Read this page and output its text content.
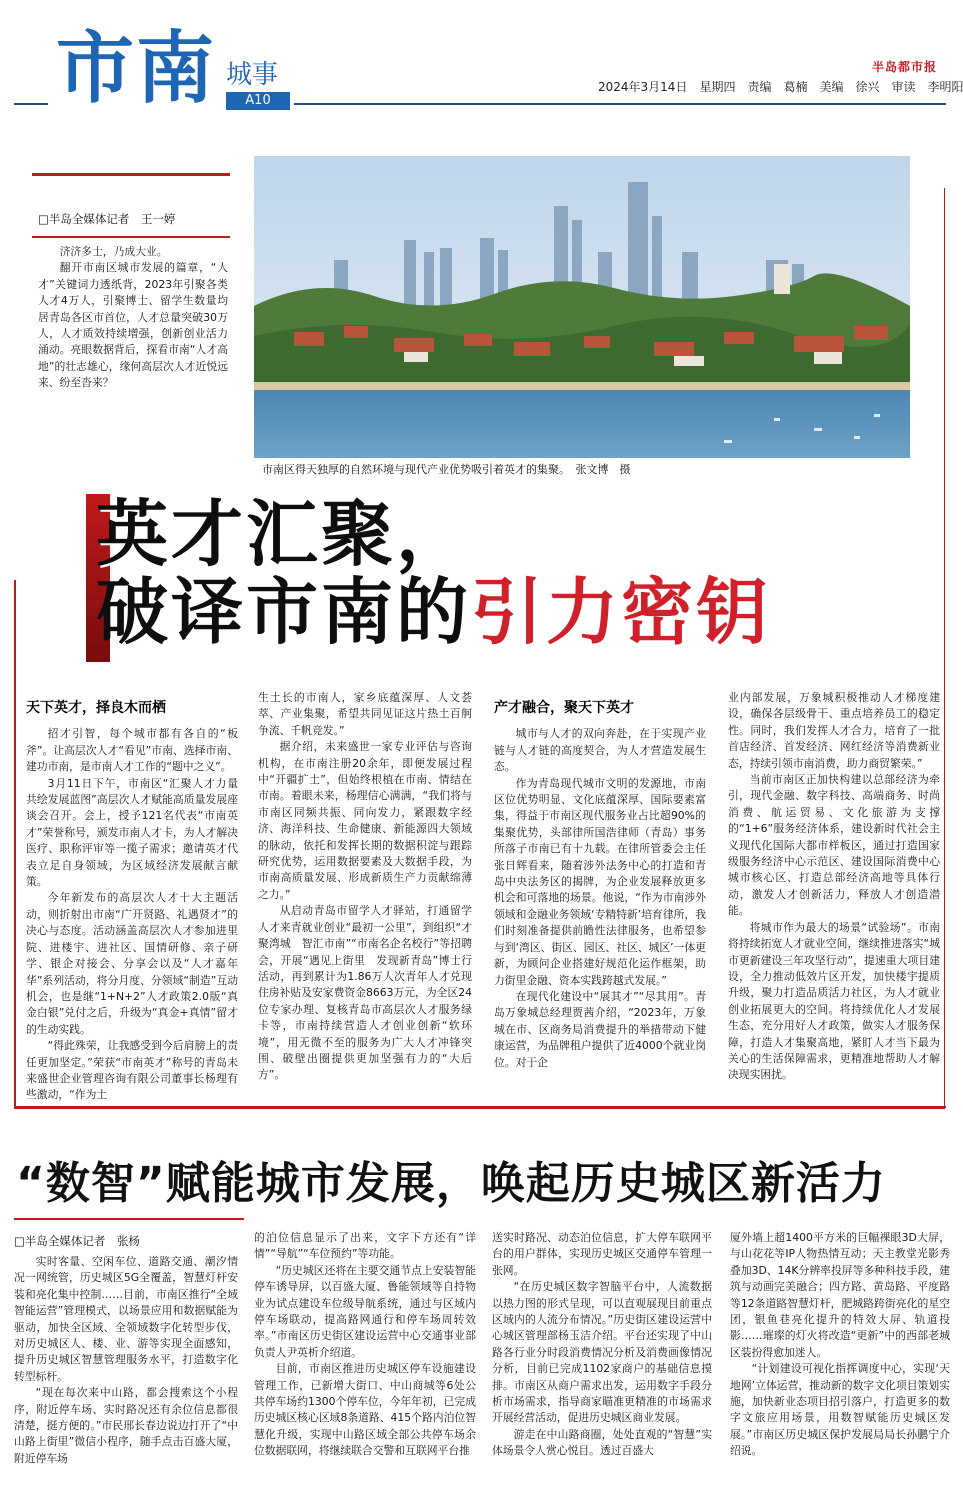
市南 城事
A10
2024年3月14日　星期四　责编　葛楠　美编　徐兴　审读　李明阳
半岛都市报
□半岛全媒体记者　王一婷

济济多士，乃成大业。

翻开市南区城市发展的篇章，“人才”关键词力透纸背，2023年引聚各类人才4万人，引聚博士、留学生数量均居青岛各区市首位，人才总量突破30万人，人才质效持续增强，创新创业活力涌动。亮眼数据背后，探看市南“人才高地”的壮志雄心，缘何高层次人才近悦远来、纷至沓来？

市南区得天独厚的自然环境与现代产业优势吸引着英才的集聚。　张文博　摄
英才汇聚，
破译市南的引力密钥

天下英才，择良木而栖

招才引智，每个城市都有各自的“板斧”。让高层次人才“看见”市南、选择市南、建功市南，是市南人才工作的“题中之义”。

3月11日下午，市南区“汇聚人才力量　共绘发展蓝图”高层次人才赋能高质量发展座谈会召开。会上，授予121名代表“市南英才”荣誉称号，颁发市南人才卡，为人才解决医疗、职称评审等一揽子需求；邀请英才代表立足自身领域，为区域经济发展献言献策。

今年新发布的高层次人才十大主题活动，则折射出市南“广开贤路、礼遇贤才”的决心与态度。活动涵盖高层次人才参加进里院、进楼宇、进社区、国情研修、亲子研学、银企对接会、分享会以及“人才嘉年华”系列活动，将分月度、分领域“制造”互动机会，也是继“1+N+2”人才政策2.0版“真金白银”兑付之后，升级为“真金+真情”留才的生动实践。

“得此殊荣，让我感受到今后肩膀上的责任更加坚定。”荣获“市南英才”称号的青岛未来盛世企业管理咨询有限公司董事长杨理有些激动，“作为土

生土长的市南人，家乡底蕴深厚、人文荟萃、产业集聚，希望共同见证这片热土百舸争流、千帆竞发。”

据介绍，未来盛世一家专业评估与咨询机构，在市南注册20余年，即便发展过程中“开疆扩土”，但始终根植在市南、情结在市南。着眼未来，杨理信心满满，“我们将与市南区同频共振、同向发力，紧跟数字经济、海洋科技、生命健康、新能源四大领域的脉动，依托和发挥长期的数据积淀与跟踪研究优势，运用数据要素及大数据手段，为市南高质量发展、形成新质生产力贡献绵薄之力。”

从启动青岛市留学人才驿站，打通留学人才来青就业创业“最初一公里”，到组织“才聚湾城　智汇市南”“市南名企名校行”等招聘会，开展“遇见上街里　发现新青岛”博士行活动，再到累计为1.86万人次青年人才兑现住房补贴及安家费资金8663万元，为全区24位专家办理、复核青岛市高层次人才服务绿卡等，市南持续营造人才创业创新“软环境”，用无微不至的服务为广大人才冲锋突围、破壁出圈提供更加坚强有力的“大后方”。

产才融合，聚天下英才

城市与人才的双向奔赴，在于实现产业链与人才链的高度契合，为人才营造发展生态。

作为青岛现代城市文明的发源地，市南区位优势明显、文化底蕴深厚、国际要素富集，得益于市南区现代服务业占比超90%的集聚优势，头部律所国浩律师（青岛）事务所落子市南已有十九载。在律所管委会主任张日辉看来，随着涉外法务中心的打造和青岛中央法务区的揭牌，为企业发展释放更多机会和可落地的场景。他说，“作为市南涉外领域和金融业务领域‘专精特新’培育律所，我们时刻准备提供前瞻性法律服务，也希望参与到‘湾区、街区、园区、社区、城区’一体更新，为顾问企业搭建好规范化运作框架，助力街里金融、资本实践跨越式发展。”

在现代化建设中“展其才”“尽其用”。青岛万象城总经理贾茜介绍，“2023年，万象城在市、区商务局消费提升的举措带动下健康运营，为品牌租户提供了近4000个就业岗位。对于企

业内部发展，万象城积极推动人才梯度建设，确保各层级骨干、重点培养员工的稳定性。同时，我们发挥人才合力，培育了一批首店经济、首发经济、网红经济等消费新业态，持续引领市南消费，助力商贸繁荣。”

当前市南区正加快构建以总部经济为牵引，现代金融、数字科技、高端商务、时尚消费、航运贸易、文化旅游为支撑的“1+6”服务经济体系，建设新时代社会主义现代化国际大都市样板区，通过打造国家级服务经济中心示范区、建设国际消费中心城市核心区、打造总部经济高地等具体行动，激发人才创新活力，释放人才创造潜能。

将城市作为最大的场景“试验场”。市南将持续拓宽人才就业空间，继续推进落实“城市更新建设三年攻坚行动”，提速重大项目建设，全力推动低效片区开发，加快楼宇提质升级，聚力打造品质活力社区，为人才就业创业拓展更大的空间。将持续优化人才发展生态，充分用好人才政策，做实人才服务保障，打造人才集聚高地，紧盯人才当下最为关心的生活保障需求，更精准地帮助人才解决现实困扰。

“数智”赋能城市发展，唤起历史城区新活力
□半岛全媒体记者　张杨

实时客量、空闲车位、道路交通、潮汐情况一网统管，历史城区5G全覆盖，智慧灯杆安装和亮化集中控制……目前，市南区推行“全域智能运营”管理模式，以场景应用和数据赋能为驱动，加快全区域、全领域数字化转型步伐，对历史城区人、楼、业、游等实现全面感知，提升历史城区智慧管理服务水平，打造数字化转型标杆。

“现在每次来中山路，都会搜索这个小程序，附近停车场、实时路况还有余位信息都很清楚，挺方便的。”市民邢长春边说边打开了“中山路上街里”微信小程序，随手点击百盛大厦，附近停车场

的泊位信息显示了出来，文字下方还有“详情”“导航”“车位预约”等功能。

“历史城区还将在主要交通节点上安装智能停车诱导屏，以百盛大厦、鲁能领域等自持物业为试点建设车位级导航系统，通过与区域内停车场联动，提高路网通行和停车场周转效率。”市南区历史街区建设运营中心交通事业部负责人尹英析介绍道。

目前，市南区推进历史城区停车设施建设管理工作，已新增大街口、中山商城等6处公共停车场约1300个停车位，今年年初，已完成历史城区核心区域8条道路、415个路内泊位智慧化升级，实现中山路区域全部公共停车场余位数据联网，将继续联合交警和互联网平台推

送实时路况、动态泊位信息，扩大停车联网平台的用户群体，实现历史城区交通停车管理一张网。

“在历史城区数字智脑平台中，人流数据以热力图的形式呈现，可以直观展现目前重点区域内的人流分布情况。”历史街区建设运营中心城区管理部杨玉洁介绍。平台还实现了中山路各行业分时段消费情况分析及消费画像情况分析，目前已完成1102家商户的基础信息摸排。市南区从商户需求出发，运用数字手段分析市场需求，指导商家瞄准更精准的市场需求开展经营活动，促进历史城区商业发展。

游走在中山路商圈，处处直观的“智慧”实体场景令人赏心悦目。透过百盛大

厦外墙上超1400平方米的巨幅裸眼3D大屏，与山花花等IP人物热情互动；天主教堂光影秀叠加3D、14K分辨率投屏等多种科技手段，建筑与动画完美融合；四方路、黄岛路、平度路等12条道路智慧灯杆，肥城路跨街亮化的星空团，银鱼巷亮化提升的特效大屏、轨道投影……璀璨的灯火将改造“更新”中的西部老城区装扮得愈加迷人。

“计划建设可视化指挥调度中心，实现‘天地网’立体运营，推动新的数字文化项目策划实施，加快新业态项目招引落户，打造更多的数字文旅应用场景，用数智赋能历史城区发展。”市南区历史城区保护发展局局长孙鹏宁介绍说。
